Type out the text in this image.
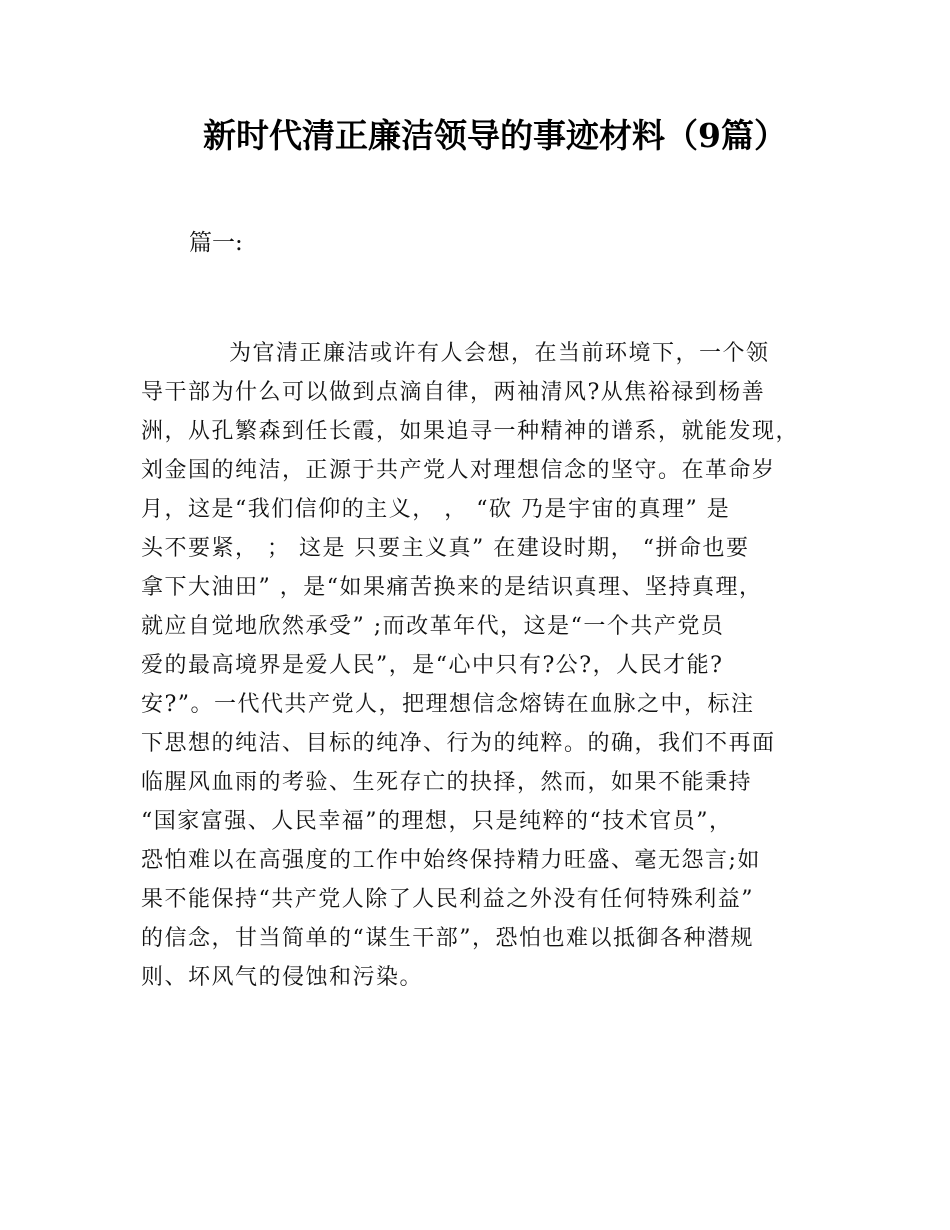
新时代清正廉洁领导的事迹材料（9篇）

篇一:

为官清正廉洁或许有人会想，在当前环境下，一个领
导干部为什么可以做到点滴自律，两袖清风?从焦裕禄到杨善
洲，从孔繁森到任长霞，如果追寻一种精神的谱系，就能发现，
刘金国的纯洁，正源于共产党人对理想信念的坚守。在革命岁
月，这是“我们信仰的主义， ， “砍 乃是宇宙的真理” 是
头不要紧， ； 这是 只要主义真” 在建设时期， “拼命也要
拿下大油田” ，是“如果痛苦换来的是结识真理、坚持真理，
就应自觉地欣然承受” ;而改革年代，这是“一个共产党员
爱的最高境界是爱人民”，是“心中只有?公?，人民才能?
安?”。一代代共产党人，把理想信念熔铸在血脉之中，标注
下思想的纯洁、目标的纯净、行为的纯粹。的确，我们不再面
临腥风血雨的考验、生死存亡的抉择，然而，如果不能秉持
“国家富强、人民幸福”的理想，只是纯粹的“技术官员”，
恐怕难以在高强度的工作中始终保持精力旺盛、毫无怨言;如
果不能保持“共产党人除了人民利益之外没有任何特殊利益”
的信念，甘当简单的“谋生干部”，恐怕也难以抵御各种潜规
则、坏风气的侵蚀和污染。
